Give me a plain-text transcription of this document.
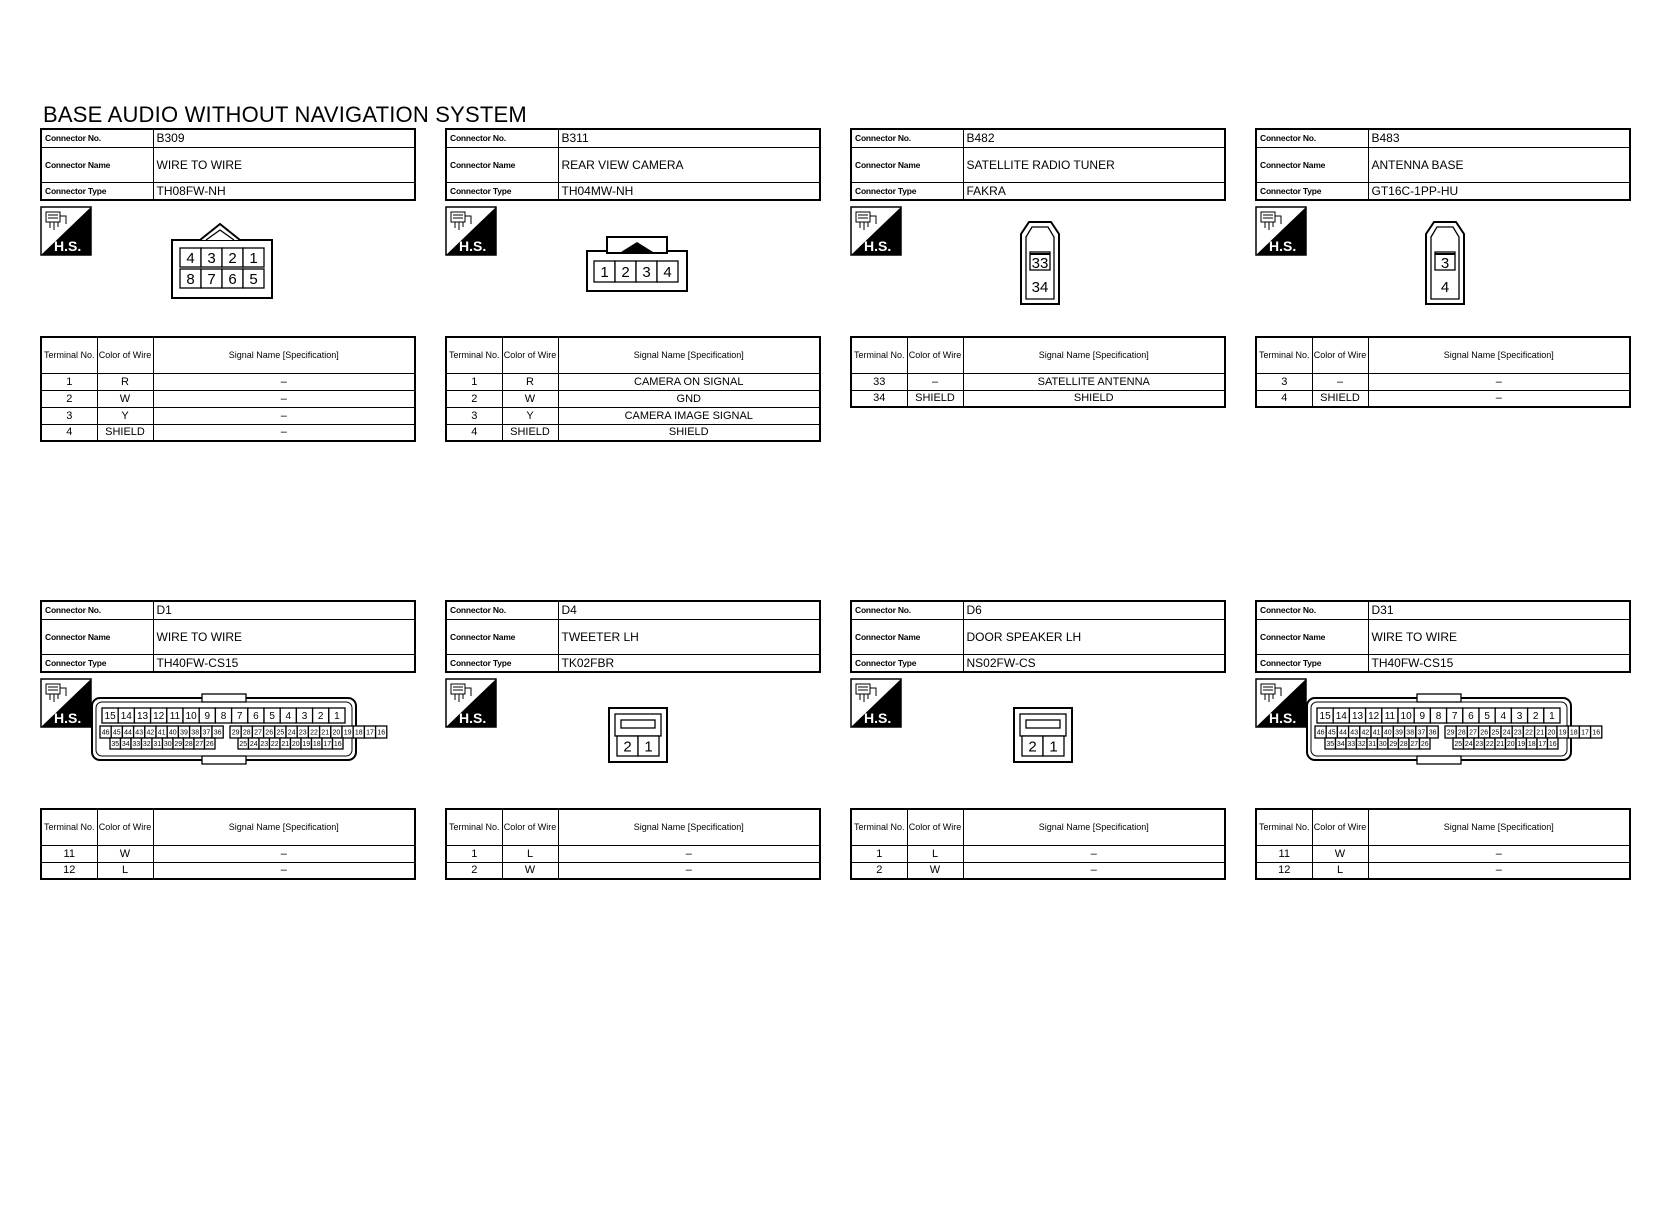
BASE AUDIO WITHOUT NAVIGATION SYSTEM
Connector No.	B309
Connector Name	WIRE TO WIRE
Connector Type	TH08FW-NH
H.S.
4 3 2 1
8 7 6 5
Terminal No.	Color of Wire	Signal Name [Specification]
1	R	–
2	W	–
3	Y	–
4	SHIELD	–
Connector No.	B311
Connector Name	REAR VIEW CAMERA
Connector Type	TH04MW-NH
H.S.
1 2 3 4
Terminal No.	Color of Wire	Signal Name [Specification]
1	R	CAMERA ON SIGNAL
2	W	GND
3	Y	CAMERA IMAGE SIGNAL
4	SHIELD	SHIELD
Connector No.	B482
Connector Name	SATELLITE RADIO TUNER
Connector Type	FAKRA
H.S.
33
34
Terminal No.	Color of Wire	Signal Name [Specification]
33	–	SATELLITE ANTENNA
34	SHIELD	SHIELD
Connector No.	B483
Connector Name	ANTENNA BASE
Connector Type	GT16C-1PP-HU
H.S.
3
4
Terminal No.	Color of Wire	Signal Name [Specification]
3	–	–
4	SHIELD	–
Connector No.	D1
Connector Name	WIRE TO WIRE
Connector Type	TH40FW-CS15
H.S. 15 14 13 12 11 10 9 8 7 6 5 4 3 2 1
46 45 44 43 42 41 40 39 38 37 36 29 28 27 26 25 24 23 22 21 20 19 18 17 16
35 34 33 32 31 30 29 28 27 26	25 24 23 22 21 20 19 18 17 16
Terminal No.	Color of Wire	Signal Name [Specification]
11	W	–
12	L	–
Connector No.	D4
Connector Name	TWEETER LH
Connector Type	TK02FBR
H.S.
2 1
Terminal No.	Color of Wire	Signal Name [Specification]
1	L	–
2	W	–
Connector No.	D6
Connector Name	DOOR SPEAKER LH
Connector Type	NS02FW-CS
H.S.
2 1
Terminal No.	Color of Wire	Signal Name [Specification]
1	L	–
2	W	–
Connector No.	D31
Connector Name	WIRE TO WIRE
Connector Type	TH40FW-CS15
H.S. 15 14 13 12 11 10 9 8 7 6 5 4 3 2 1
46 45 44 43 42 41 40 39 38 37 36 29 28 27 26 25 24 23 22 21 20 19 18 17 16
35 34 33 32 31 30 29 28 27 26	25 24 23 22 21 20 19 18 17 16
Terminal No.	Color of Wire	Signal Name [Specification]
11	W	–
12	L	–
